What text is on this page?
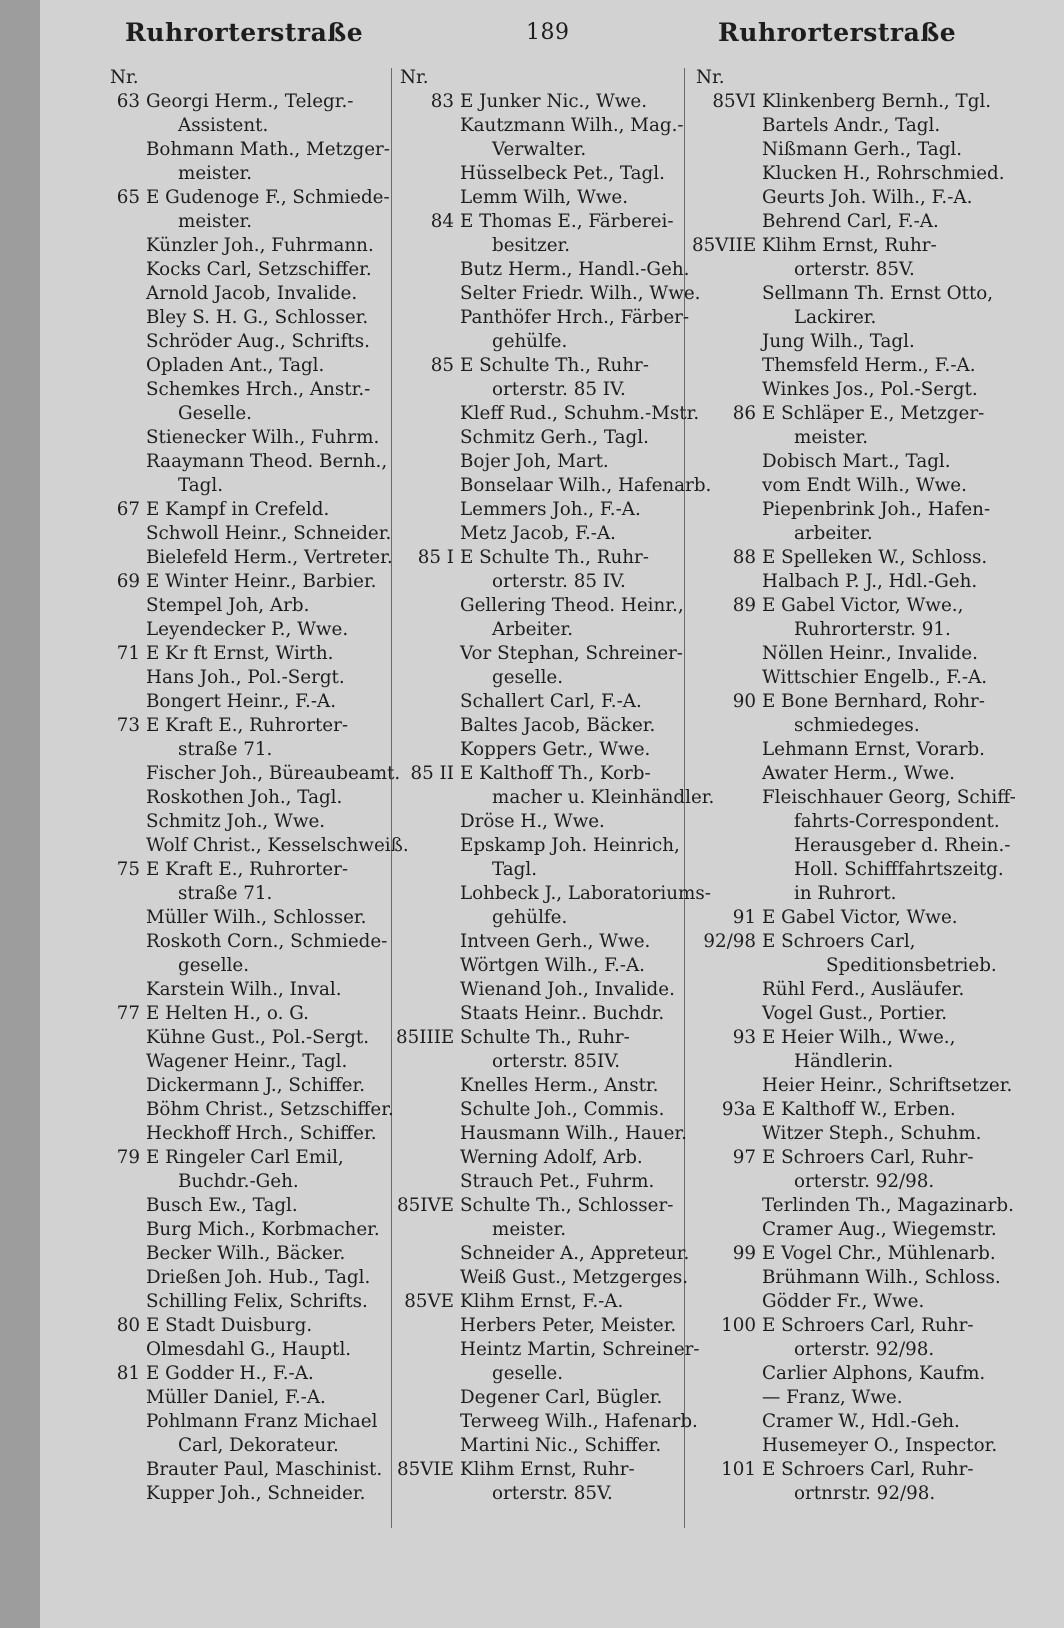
Ruhrorterstraße	189	Ruhrorterstraße
Nr.
63 Georgi Herm., Telegr.-
Assistent.
Bohmann Math., Metzger-
meister.
65 E Gudenoge F., Schmiede-
meister.
Künzler Joh., Fuhrmann.
Kocks Carl, Setzschiffer.
Arnold Jacob, Invalide.
Bley S. H. G., Schlosser.
Schröder Aug., Schrifts.
Opladen Ant., Tagl.
Schemkes Hrch., Anstr.-
Geselle.
Stienecker Wilh., Fuhrm.
Raaymann Theod. Bernh.,
Tagl.
67 E Kampf in Crefeld.
Schwoll Heinr., Schneider.
Bielefeld Herm., Vertreter.
69 E Winter Heinr., Barbier.
Stempel Joh, Arb.
Leyendecker P., Wwe.
71 E Kr ft Ernst, Wirth.
Hans Joh., Pol.-Sergt.
Bongert Heinr., F.-A.
73 E Kraft E., Ruhrorter-
straße 71.
Fischer Joh., Büreaubeamt.
Roskothen Joh., Tagl.
Schmitz Joh., Wwe.
Wolf Christ., Kesselschweiß.
75 E Kraft E., Ruhrorter-
straße 71.
Müller Wilh., Schlosser.
Roskoth Corn., Schmiede-
geselle.
Karstein Wilh., Inval.
77 E Helten H., o. G.
Kühne Gust., Pol.-Sergt.
Wagener Heinr., Tagl.
Dickermann J., Schiffer.
Böhm Christ., Setzschiffer.
Heckhoff Hrch., Schiffer.
79 E Ringeler Carl Emil,
Buchdr.-Geh.
Busch Ew., Tagl.
Burg Mich., Korbmacher.
Becker Wilh., Bäcker.
Drießen Joh. Hub., Tagl.
Schilling Felix, Schrifts.
80 E Stadt Duisburg.
Olmesdahl G., Hauptl.
81 E Godder H., F.-A.
Müller Daniel, F.-A.
Pohlmann Franz Michael
Carl, Dekorateur.
Brauter Paul, Maschinist.
Kupper Joh., Schneider.
Nr.
83 E Junker Nic., Wwe.
Kautzmann Wilh., Mag.-
Verwalter.
Hüsselbeck Pet., Tagl.
Lemm Wilh, Wwe.
84 E Thomas E., Färberei-
besitzer.
Butz Herm., Handl.-Geh.
Selter Friedr. Wilh., Wwe.
Panthöfer Hrch., Färber-
gehülfe.
85 E Schulte Th., Ruhr-
orterstr. 85 IV.
Kleff Rud., Schuhm.-Mstr.
Schmitz Gerh., Tagl.
Bojer Joh, Mart.
Bonselaar Wilh., Hafenarb.
Lemmers Joh., F.-A.
Metz Jacob, F.-A.
85 I E Schulte Th., Ruhr-
orterstr. 85 IV.
Gellering Theod. Heinr.,
Arbeiter.
Vor Stephan, Schreiner-
geselle.
Schallert Carl, F.-A.
Baltes Jacob, Bäcker.
Koppers Getr., Wwe.
85 II E Kalthoff Th., Korb-
macher u. Kleinhändler.
Dröse H., Wwe.
Epskamp Joh. Heinrich,
Tagl.
Lohbeck J., Laboratoriums-
gehülfe.
Intveen Gerh., Wwe.
Wörtgen Wilh., F.-A.
Wienand Joh., Invalide.
Staats Heinr.. Buchdr.
85IIIE Schulte Th., Ruhr-
orterstr. 85IV.
Knelles Herm., Anstr.
Schulte Joh., Commis.
Hausmann Wilh., Hauer.
Werning Adolf, Arb.
Strauch Pet., Fuhrm.
85IVE Schulte Th., Schlosser-
meister.
Schneider A., Appreteur.
Weiß Gust., Metzgerges.
85VE Klihm Ernst, F.-A.
Herbers Peter, Meister.
Heintz Martin, Schreiner-
geselle.
Degener Carl, Bügler.
Terweeg Wilh., Hafenarb.
Martini Nic., Schiffer.
85VIE Klihm Ernst, Ruhr-
orterstr. 85V.
Nr.
85VI Klinkenberg Bernh., Tgl.
Bartels Andr., Tagl.
Nißmann Gerh., Tagl.
Klucken H., Rohrschmied.
Geurts Joh. Wilh., F.-A.
Behrend Carl, F.-A.
85VIIE Klihm Ernst, Ruhr-
orterstr. 85V.
Sellmann Th. Ernst Otto,
Lackirer.
Jung Wilh., Tagl.
Themsfeld Herm., F.-A.
Winkes Jos., Pol.-Sergt.
86 E Schläper E., Metzger-
meister.
Dobisch Mart., Tagl.
vom Endt Wilh., Wwe.
Piepenbrink Joh., Hafen-
arbeiter.
88 E Spelleken W., Schloss.
Halbach P. J., Hdl.-Geh.
89 E Gabel Victor, Wwe.,
Ruhrorterstr. 91.
Nöllen Heinr., Invalide.
Wittschier Engelb., F.-A.
90 E Bone Bernhard, Rohr-
schmiedeges.
Lehmann Ernst, Vorarb.
Awater Herm., Wwe.
Fleischhauer Georg, Schiff-
fahrts-Correspondent.
Herausgeber d. Rhein.-
Holl. Schifffahrtszeitg.
in Ruhrort.
91 E Gabel Victor, Wwe.
92/98 E Schroers Carl,
Speditionsbetrieb.
Rühl Ferd., Ausläufer.
Vogel Gust., Portier.
93 E Heier Wilh., Wwe.,
Händlerin.
Heier Heinr., Schriftsetzer.
93a E Kalthoff W., Erben.
Witzer Steph., Schuhm.
97 E Schroers Carl, Ruhr-
orterstr. 92/98.
Terlinden Th., Magazinarb.
Cramer Aug., Wiegemstr.
99 E Vogel Chr., Mühlenarb.
Brühmann Wilh., Schloss.
Gödder Fr., Wwe.
100 E Schroers Carl, Ruhr-
orterstr. 92/98.
Carlier Alphons, Kaufm.
— Franz, Wwe.
Cramer W., Hdl.-Geh.
Husemeyer O., Inspector.
101 E Schroers Carl, Ruhr-
ortnrstr. 92/98.
